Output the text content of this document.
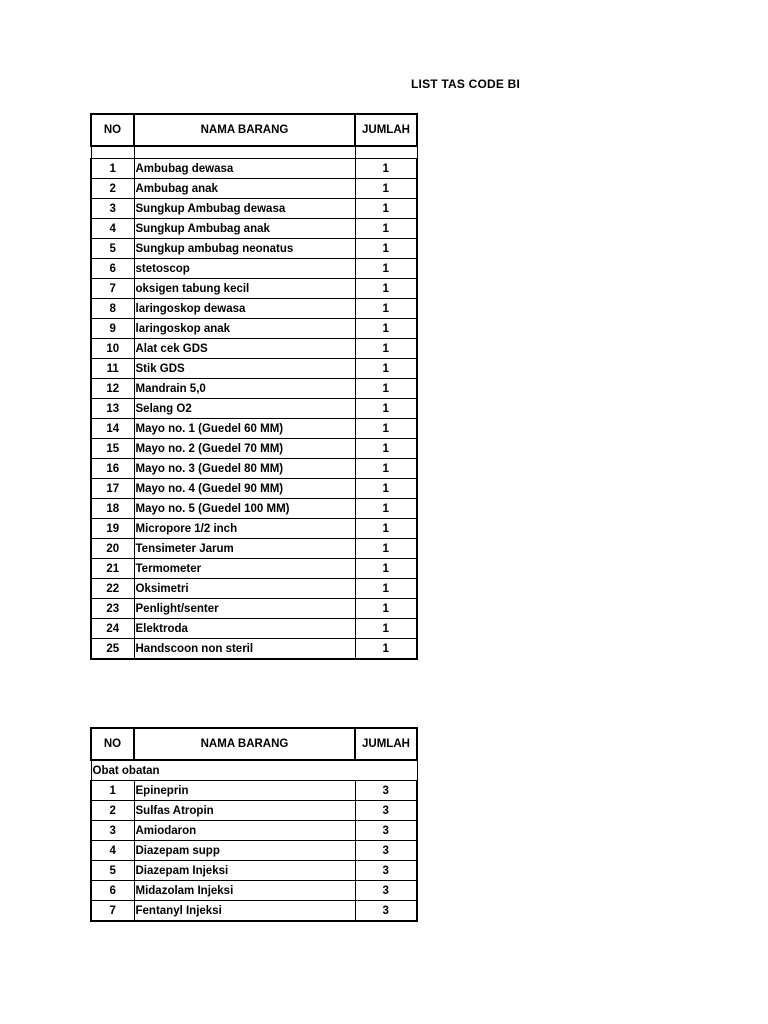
LIST TAS CODE BI
NO	NAMA BARANG	JUMLAH

1	Ambubag dewasa	1
2	Ambubag anak	1
3	Sungkup Ambubag dewasa	1
4	Sungkup Ambubag anak	1
5	Sungkup ambubag neonatus	1
6	stetoscop	1
7	oksigen tabung kecil	1
8	laringoskop dewasa	1
9	laringoskop anak	1
10	Alat cek GDS	1
11	Stik GDS	1
12	Mandrain 5,0	1
13	Selang O2	1
14	Mayo no. 1 (Guedel 60 MM)	1
15	Mayo no. 2 (Guedel 70 MM)	1
16	Mayo no. 3 (Guedel 80 MM)	1
17	Mayo no. 4 (Guedel 90 MM)	1
18	Mayo no. 5 (Guedel 100 MM)	1
19	Micropore 1/2 inch	1
20	Tensimeter Jarum	1
21	Termometer	1
22	Oksimetri	1
23	Penlight/senter	1
24	Elektroda	1
25	Handscoon non steril	1
NO	NAMA BARANG	JUMLAH
Obat obatan		
1	Epineprin	3
2	Sulfas Atropin	3
3	Amiodaron	3
4	Diazepam supp	3
5	Diazepam Injeksi	3
6	Midazolam Injeksi	3
7	Fentanyl Injeksi	3
